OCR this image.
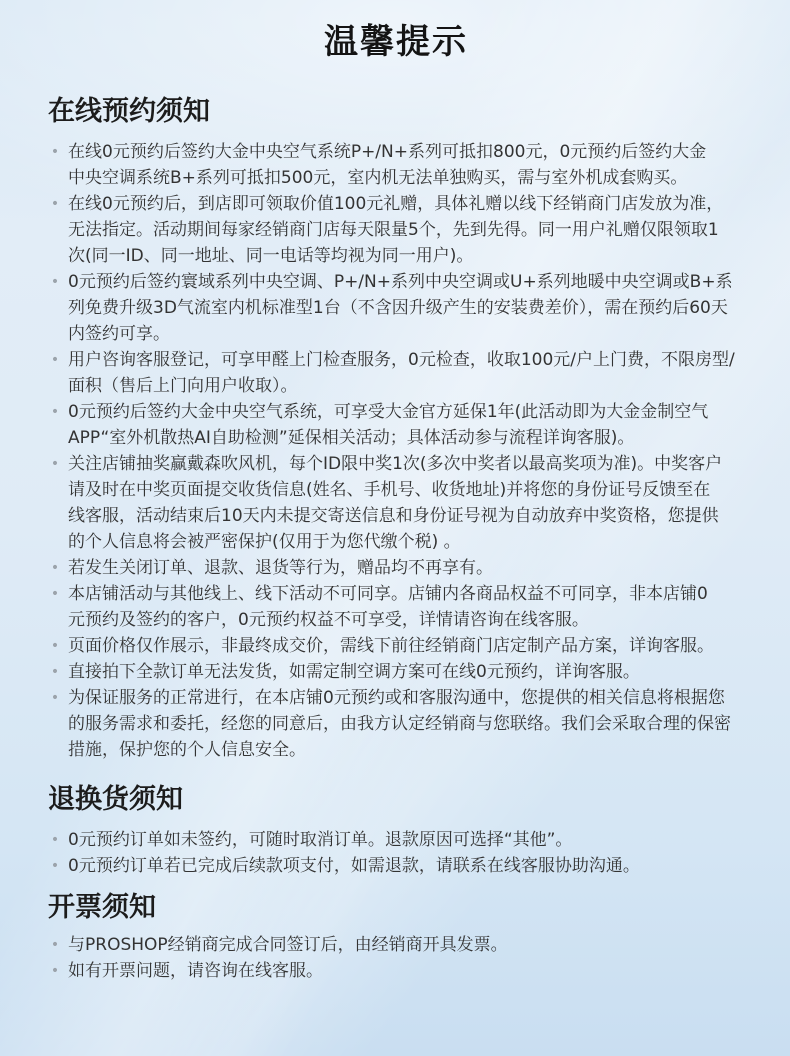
温馨提示
在线预约须知
• 在线0元预约后签约大金中央空气系统P+/N+系列可抵扣800元，0元预约后签约大金
中央空调系统B+系列可抵扣500元，室内机无法单独购买，需与室外机成套购买。
• 在线0元预约后，到店即可领取价值100元礼赠，具体礼赠以线下经销商门店发放为准，
无法指定。活动期间每家经销商门店每天限量5个，先到先得。同一用户礼赠仅限领取1
次(同一ID、同一地址、同一电话等均视为同一用户)。
• 0元预约后签约寰域系列中央空调、P+/N+系列中央空调或U+系列地暖中央空调或B+系
列免费升级3D气流室内机标准型1台（不含因升级产生的安装费差价），需在预约后60天
内签约可享。
• 用户咨询客服登记，可享甲醛上门检查服务，0元检查，收取100元/户上门费，不限房型/
面积（售后上门向用户收取）。
• 0元预约后签约大金中央空气系统，可享受大金官方延保1年(此活动即为大金金制空气
APP“室外机散热AI自助检测”延保相关活动；具体活动参与流程详询客服)。
• 关注店铺抽奖赢戴森吹风机，每个ID限中奖1次(多次中奖者以最高奖项为准)。中奖客户
请及时在中奖页面提交收货信息(姓名、手机号、收货地址)并将您的身份证号反馈至在
线客服，活动结束后10天内未提交寄送信息和身份证号视为自动放弃中奖资格，您提供
的个人信息将会被严密保护(仅用于为您代缴个税) 。
• 若发生关闭订单、退款、退货等行为，赠品均不再享有。
• 本店铺活动与其他线上、线下活动不可同享。店铺内各商品权益不可同享，非本店铺0
元预约及签约的客户，0元预约权益不可享受，详情请咨询在线客服。
• 页面价格仅作展示，非最终成交价，需线下前往经销商门店定制产品方案，详询客服。
• 直接拍下全款订单无法发货，如需定制空调方案可在线0元预约，详询客服。
• 为保证服务的正常进行，在本店铺0元预约或和客服沟通中，您提供的相关信息将根据您
的服务需求和委托，经您的同意后，由我方认定经销商与您联络。我们会采取合理的保密
措施，保护您的个人信息安全。
退换货须知
• 0元预约订单如未签约，可随时取消订单。退款原因可选择“其他”。
• 0元预约订单若已完成后续款项支付，如需退款，请联系在线客服协助沟通。
开票须知
• 与PROSHOP经销商完成合同签订后，由经销商开具发票。
• 如有开票问题，请咨询在线客服。
